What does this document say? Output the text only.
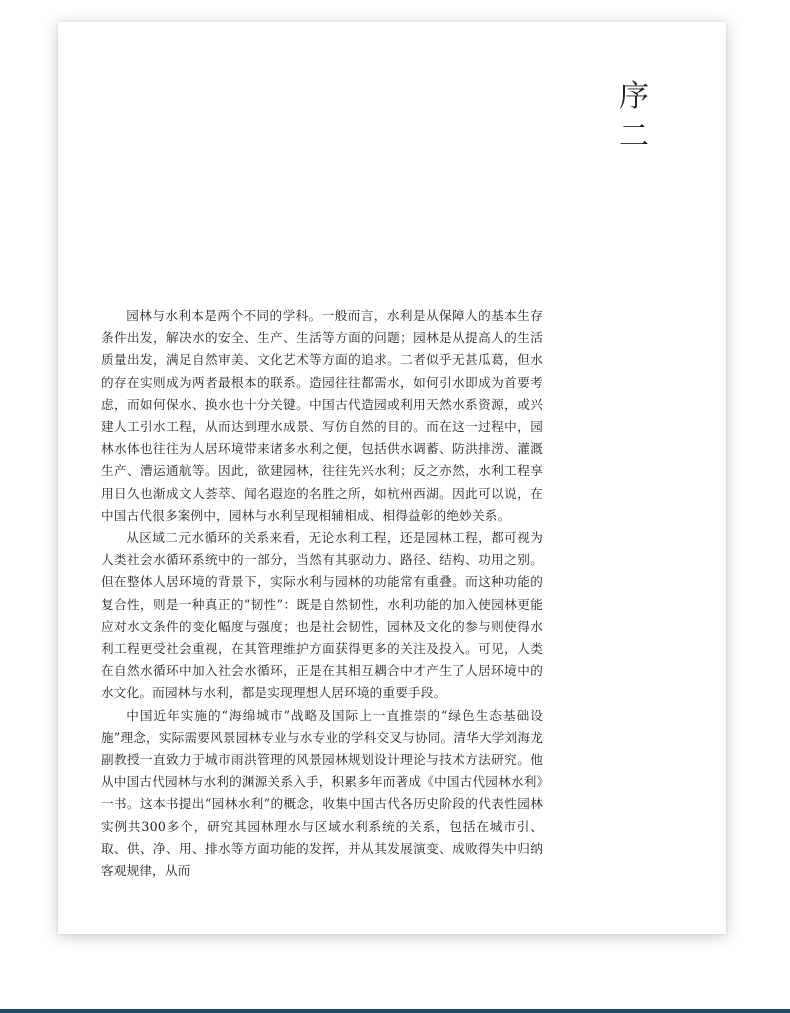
序
二

园林与水利本是两个不同的学科。一般而言，水利是从保障人的基本生存条件出发，解决水的安全、生产、生活等方面的问题；园林是从提高人的生活质量出发，满足自然审美、文化艺术等方面的追求。二者似乎无甚瓜葛，但水的存在实则成为两者最根本的联系。造园往往都需水，如何引水即成为首要考虑，而如何保水、换水也十分关键。中国古代造园或利用天然水系资源，或兴建人工引水工程，从而达到理水成景、写仿自然的目的。而在这一过程中，园林水体也往往为人居环境带来诸多水利之便，包括供水调蓄、防洪排涝、灌溉生产、漕运通航等。因此，欲建园林，往往先兴水利；反之亦然，水利工程享用日久也渐成文人荟萃、闻名遐迩的名胜之所，如杭州西湖。因此可以说，在中国古代很多案例中，园林与水利呈现相辅相成、相得益彰的绝妙关系。

从区域二元水循环的关系来看，无论水利工程，还是园林工程，都可视为人类社会水循环系统中的一部分，当然有其驱动力、路径、结构、功用之别。但在整体人居环境的背景下，实际水利与园林的功能常有重叠。而这种功能的复合性，则是一种真正的“韧性”：既是自然韧性，水利功能的加入使园林更能应对水文条件的变化幅度与强度；也是社会韧性，园林及文化的参与则使得水利工程更受社会重视，在其管理维护方面获得更多的关注及投入。可见，人类在自然水循环中加入社会水循环，正是在其相互耦合中才产生了人居环境中的水文化。而园林与水利，都是实现理想人居环境的重要手段。

中国近年实施的“海绵城市”战略及国际上一直推崇的“绿色生态基础设施”理念，实际需要风景园林专业与水专业的学科交叉与协同。清华大学刘海龙副教授一直致力于城市雨洪管理的风景园林规划设计理论与技术方法研究。他从中国古代园林与水利的渊源关系入手，积累多年而著成《中国古代园林水利》一书。这本书提出“园林水利”的概念，收集中国古代各历史阶段的代表性园林实例共300多个，研究其园林理水与区域水利系统的关系，包括在城市引、取、供、净、用、排水等方面功能的发挥，并从其发展演变、成败得失中归纳客观规律，从而
